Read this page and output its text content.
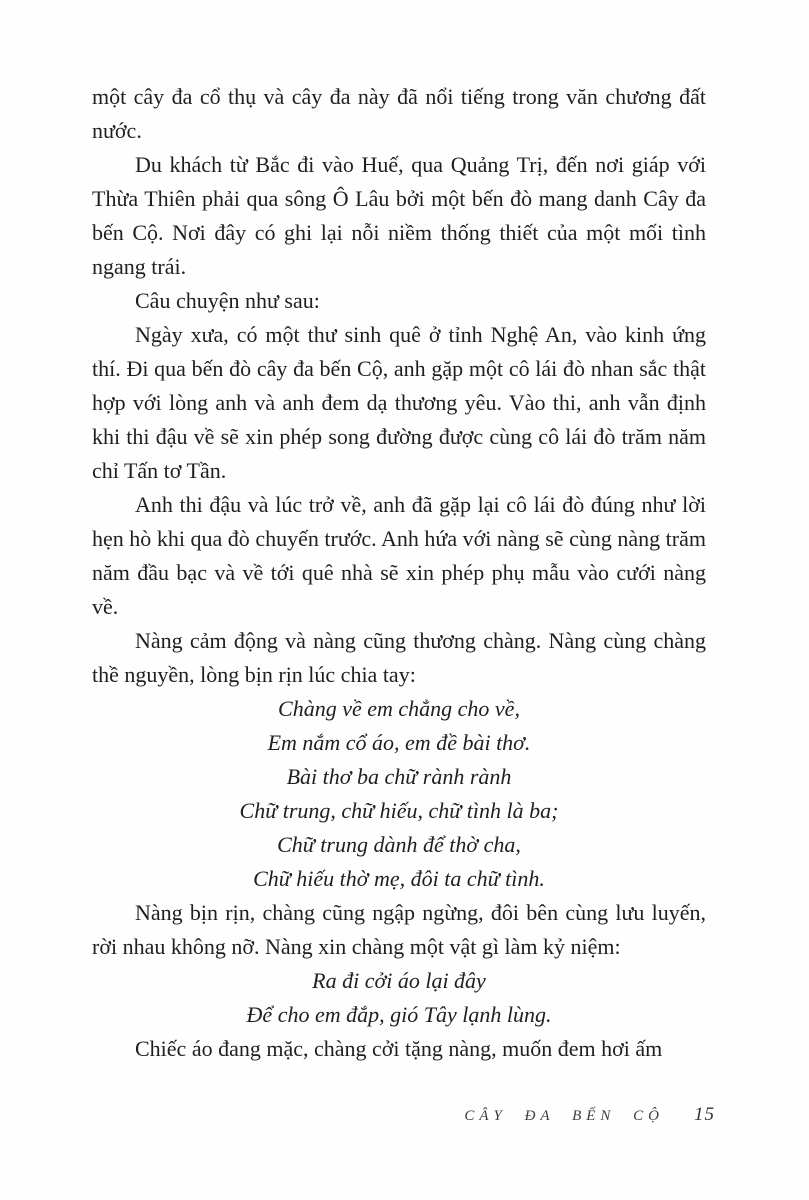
một cây đa cổ thụ và cây đa này đã nổi tiếng trong văn chương đất nước.

Du khách từ Bắc đi vào Huế, qua Quảng Trị, đến nơi giáp với Thừa Thiên phải qua sông Ô Lâu bởi một bến đò mang danh Cây đa bến Cộ. Nơi đây có ghi lại nỗi niềm thống thiết của một mối tình ngang trái.

Câu chuyện như sau:

Ngày xưa, có một thư sinh quê ở tỉnh Nghệ An, vào kinh ứng thí. Đi qua bến đò cây đa bến Cộ, anh gặp một cô lái đò nhan sắc thật hợp với lòng anh và anh đem dạ thương yêu. Vào thi, anh vẫn định khi thi đậu về sẽ xin phép song đường được cùng cô lái đò trăm năm chỉ Tấn tơ Tần.

Anh thi đậu và lúc trở về, anh đã gặp lại cô lái đò đúng như lời hẹn hò khi qua đò chuyến trước. Anh hứa với nàng sẽ cùng nàng trăm năm đầu bạc và về tới quê nhà sẽ xin phép phụ mẫu vào cưới nàng về.

Nàng cảm động và nàng cũng thương chàng. Nàng cùng chàng thề nguyền, lòng bịn rịn lúc chia tay:

Chàng về em chẳng cho về,
Em nắm cổ áo, em đề bài thơ.
Bài thơ ba chữ rành rành
Chữ trung, chữ hiếu, chữ tình là ba;
Chữ trung dành để thờ cha,
Chữ hiếu thờ mẹ, đôi ta chữ tình.

Nàng bịn rịn, chàng cũng ngập ngừng, đôi bên cùng lưu luyến, rời nhau không nỡ. Nàng xin chàng một vật gì làm kỷ niệm:

Ra đi cởi áo lại đây
Để cho em đắp, gió Tây lạnh lùng.

Chiếc áo đang mặc, chàng cởi tặng nàng, muốn đem hơi ấm

CÂY ĐA BẾN CỘ 15
